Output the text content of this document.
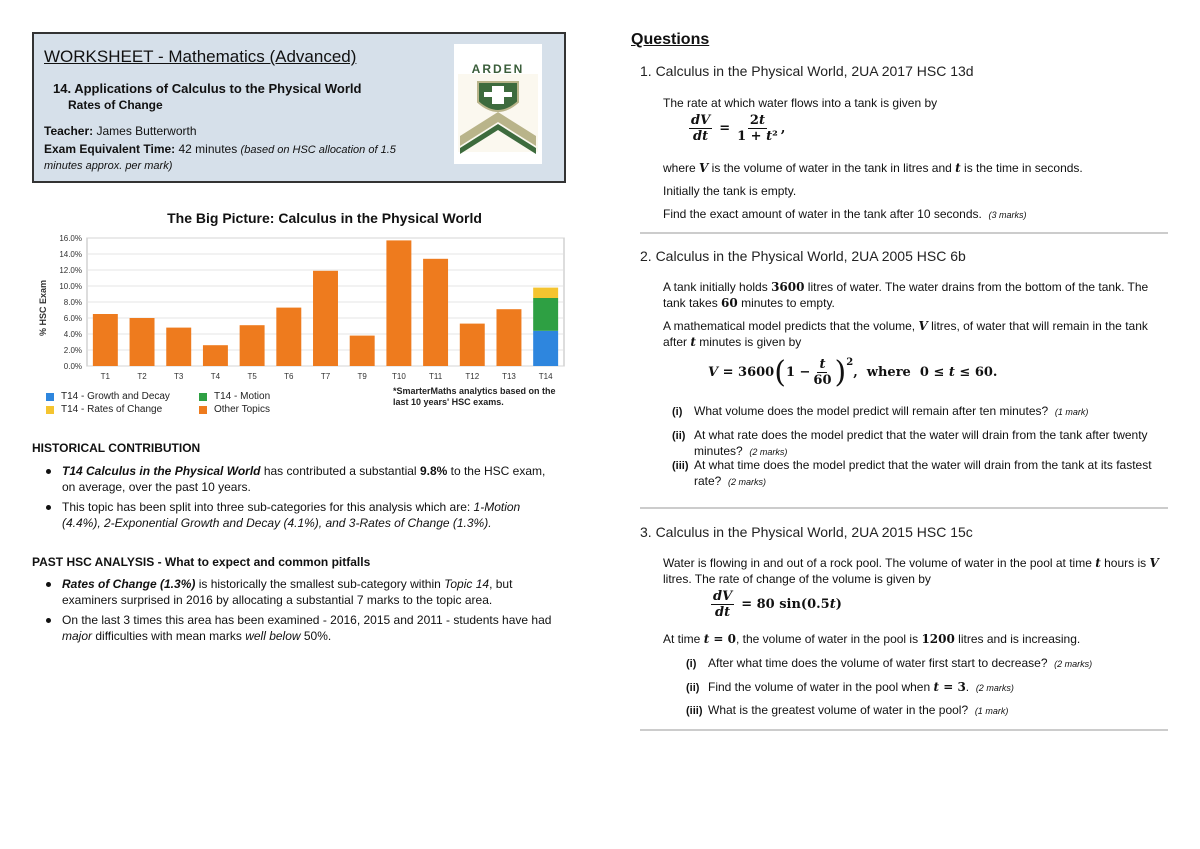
WORKSHEET - Mathematics (Advanced)
14. Applications of Calculus to the Physical World
Rates of Change
Teacher: James Butterworth
Exam Equivalent Time: 42 minutes (based on HSC allocation of 1.5 minutes approx. per mark)
ARDEN
The Big Picture: Calculus in the Physical World
0.0%
2.0%
4.0%
6.0%
8.0%
10.0%
12.0%
14.0%
16.0%
T1	T2	T3	T4	T5	T6	T7	T9	T10	T11	T12	T13	T14
% HSC Exam
T14 - Growth and Decay	T14 - Motion
T14 - Rates of Change	Other Topics
*SmarterMaths analytics based on the last 10 years' HSC exams.
HISTORICAL CONTRIBUTION
T14 Calculus in the Physical World has contributed a substantial 9.8% to the HSC exam, on average, over the past 10 years.
This topic has been split into three sub-categories for this analysis which are: 1-Motion (4.4%), 2-Exponential Growth and Decay (4.1%), and 3-Rates of Change (1.3%).
PAST HSC ANALYSIS - What to expect and common pitfalls
Rates of Change (1.3%) is historically the smallest sub-category within Topic 14, but examiners surprised in 2016 by allocating a substantial 7 marks to the topic area.
On the last 3 times this area has been examined - 2016, 2015 and 2011 - students have had major difficulties with mean marks well below 50%.
Questions
1. Calculus in the Physical World, 2UA 2017 HSC 13d
The rate at which water flows into a tank is given by
$\frac{dV}{dt} = \frac{2t}{\text{1 + t²}}$ ,
where V is the volume of water in the tank in litres and t is the time in seconds.
Initially the tank is empty.
Find the exact amount of water in the tank after 10 seconds. (3 marks)
2. Calculus in the Physical World, 2UA 2005 HSC 6b
A tank initially holds 3600 litres of water. The water drains from the bottom of the tank. The tank takes 60 minutes to empty.
A mathematical model predicts that the volume, V litres, of water that will remain in the tank after t minutes is given by
V = 3600 ( $1 - \frac{t}{60} )^2$
,  where  0 ≤ t ≤ 60.
(i) What volume does the model predict will remain after ten minutes? (1 mark)
(ii) At what rate does the model predict that the water will drain from the tank after twenty minutes? (2 marks)
(iii) At what time does the model predict that the water will drain from the tank at its fastest rate? (2 marks)
3. Calculus in the Physical World, 2UA 2015 HSC 15c
Water is flowing in and out of a rock pool. The volume of water in the pool at time t hours is V litres. The rate of change of the volume is given by
$\frac{dV}{dt} = 80$ sin(0.5t)
At time t = 0, the volume of water in the pool is 1200 litres and is increasing.
(i) After what time does the volume of water first start to decrease? (2 marks)
(ii) Find the volume of water in the pool when t = 3.  (2 marks)
(iii) What is the greatest volume of water in the pool? (1 mark)
